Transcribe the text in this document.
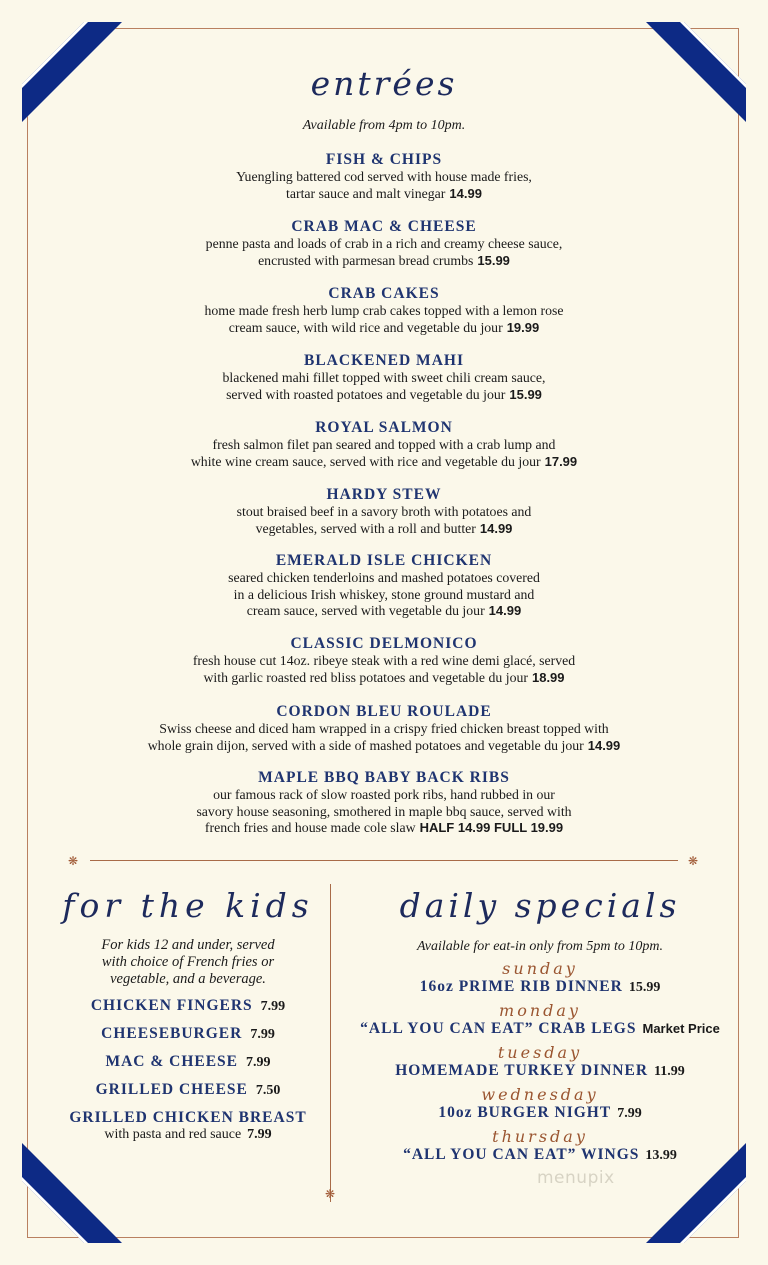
entrées
Available from 4pm to 10pm.
FISH & CHIPS
Yuengling battered cod served with house made fries,
tartar sauce and malt vinegar 14.99
CRAB MAC & CHEESE
penne pasta and loads of crab in a rich and creamy cheese sauce,
encrusted with parmesan bread crumbs 15.99
CRAB CAKES
home made fresh herb lump crab cakes topped with a lemon rose
cream sauce, with wild rice and vegetable du jour 19.99
BLACKENED MAHI
blackened mahi fillet topped with sweet chili cream sauce,
served with roasted potatoes and vegetable du jour 15.99
ROYAL SALMON
fresh salmon filet pan seared and topped with a crab lump and
white wine cream sauce, served with rice and vegetable du jour 17.99
HARDY STEW
stout braised beef in a savory broth with potatoes and
vegetables, served with a roll and butter 14.99
EMERALD ISLE CHICKEN
seared chicken tenderloins and mashed potatoes covered
in a delicious Irish whiskey, stone ground mustard and
cream sauce, served with vegetable du jour 14.99
CLASSIC DELMONICO
fresh house cut 14oz. ribeye steak with a red wine demi glacé, served
with garlic roasted red bliss potatoes and vegetable du jour 18.99
CORDON BLEU ROULADE
Swiss cheese and diced ham wrapped in a crispy fried chicken breast topped with
whole grain dijon, served with a side of mashed potatoes and vegetable du jour 14.99
MAPLE BBQ BABY BACK RIBS
our famous rack of slow roasted pork ribs, hand rubbed in our
savory house seasoning, smothered in maple bbq sauce, served with
french fries and house made cole slaw HALF 14.99 FULL 19.99
❋	❋
❋
for the kids
For kids 12 and under, served
with choice of French fries or
vegetable, and a beverage.
CHICKEN FINGERS 7.99
CHEESEBURGER 7.99
MAC & CHEESE 7.99
GRILLED CHEESE 7.50
GRILLED CHICKEN BREAST
with pasta and red sauce 7.99
daily specials
Available for eat-in only from 5pm to 10pm.
sunday
16oz PRIME RIB DINNER 15.99
monday
“ALL YOU CAN EAT” CRAB LEGS Market Price
tuesday
HOMEMADE TURKEY DINNER 11.99
wednesday
10oz BURGER NIGHT 7.99
thursday
“ALL YOU CAN EAT” WINGS 13.99
menupix
